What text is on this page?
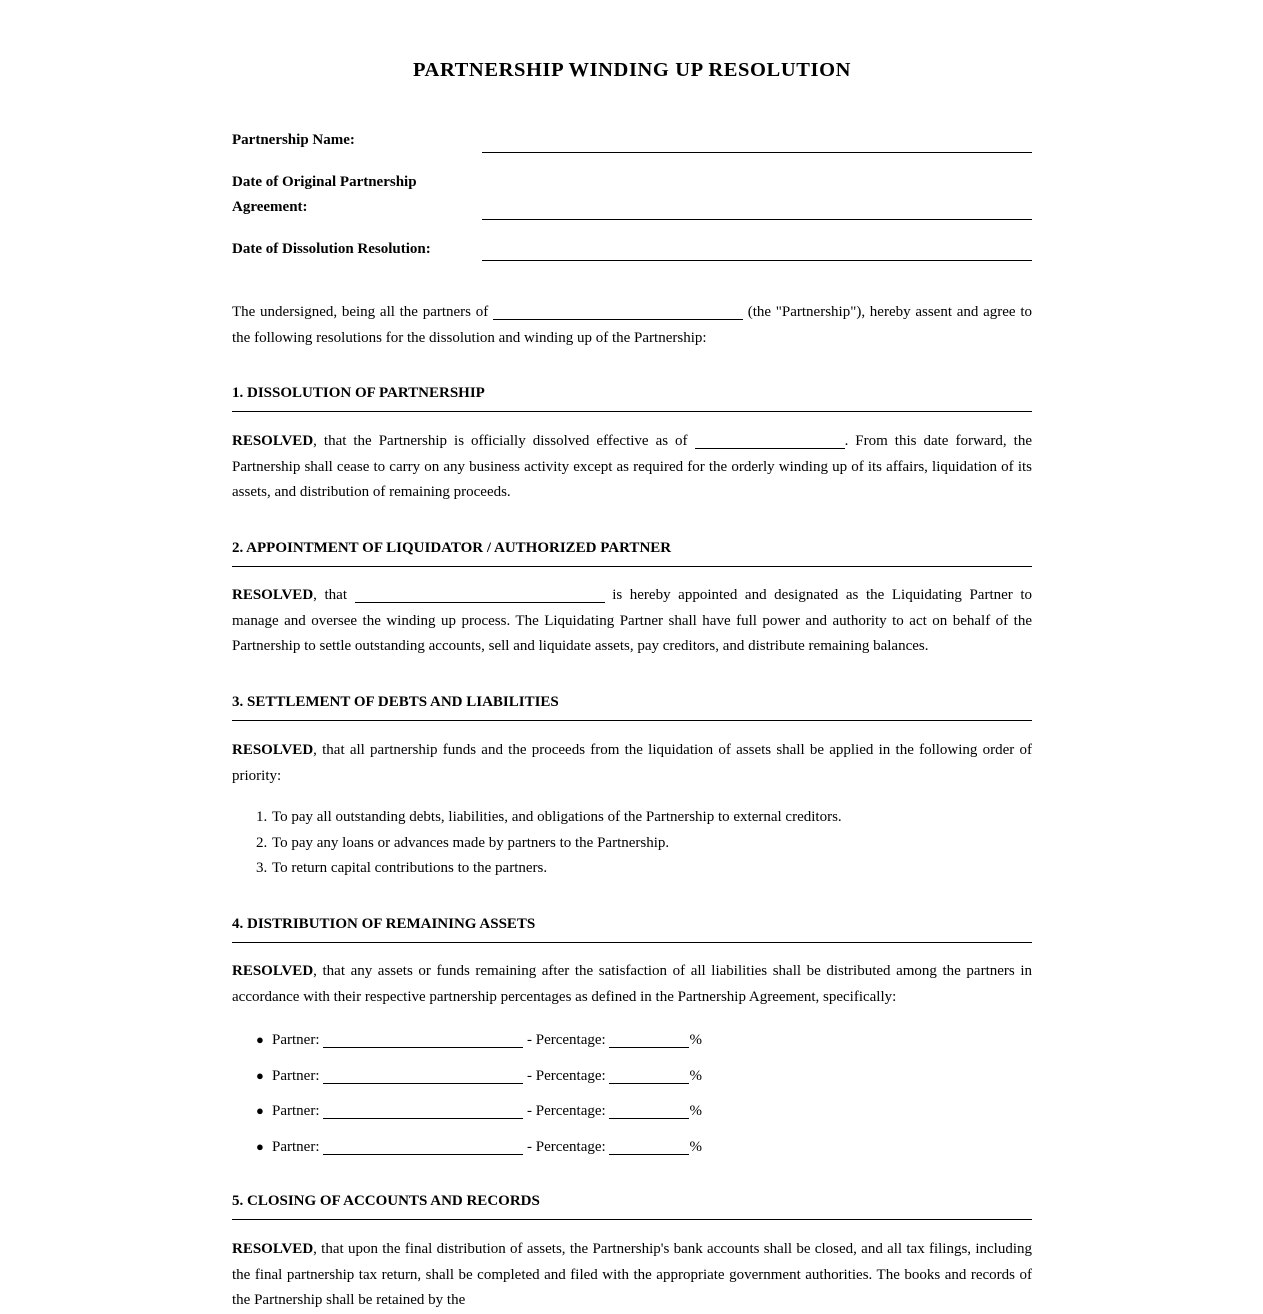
PARTNERSHIP WINDING UP RESOLUTION
Partnership Name:
Date of Original Partnership
Agreement:
Date of Dissolution Resolution:
The undersigned, being all the partners of	(the "Partnership"), hereby assent and agree to the following resolutions for the dissolution and winding up of the Partnership:
1. DISSOLUTION OF PARTNERSHIP
RESOLVED, that the Partnership is officially dissolved effective as of	. From this date forward, the Partnership shall cease to carry on any business activity except as required for the orderly winding up of its affairs, liquidation of its assets, and distribution of remaining proceeds.
2. APPOINTMENT OF LIQUIDATOR / AUTHORIZED PARTNER
RESOLVED, that	is hereby appointed and designated as the Liquidating Partner to manage and oversee the winding up process. The Liquidating Partner shall have full power and authority to act on behalf of the Partnership to settle outstanding accounts, sell and liquidate assets, pay creditors, and distribute remaining balances.
3. SETTLEMENT OF DEBTS AND LIABILITIES
RESOLVED, that all partnership funds and the proceeds from the liquidation of assets shall be applied in the following order of priority:
1. To pay all outstanding debts, liabilities, and obligations of the Partnership to external creditors.
2. To pay any loans or advances made by partners to the Partnership.
3. To return capital contributions to the partners.
4. DISTRIBUTION OF REMAINING ASSETS
RESOLVED, that any assets or funds remaining after the satisfaction of all liabilities shall be distributed among the partners in accordance with their respective partnership percentages as defined in the Partnership Agreement, specifically:
● Partner:	- Percentage:	%
● Partner:	- Percentage:	%
● Partner:	- Percentage:	%
● Partner:	- Percentage:	%
5. CLOSING OF ACCOUNTS AND RECORDS
RESOLVED, that upon the final distribution of assets, the Partnership's bank accounts shall be closed, and all tax filings, including the final partnership tax return, shall be completed and filed with the appropriate government authorities. The books and records of the Partnership shall be retained by the
